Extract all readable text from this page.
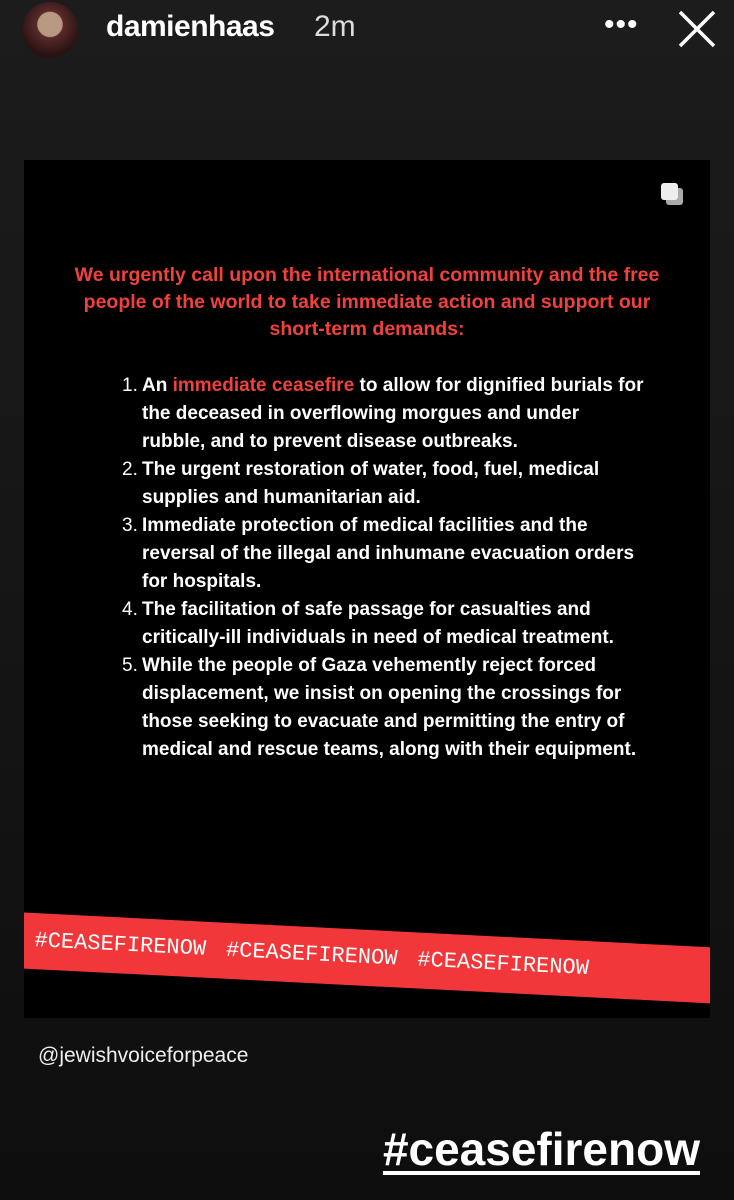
damienhaas 2m	•••
We urgently call upon the international community and the free people of the world to take immediate action and support our short-term demands:
1. An immediate ceasefire to allow for dignified burials for the deceased in overflowing morgues and under rubble, and to prevent disease outbreaks.
2. The urgent restoration of water, food, fuel, medical supplies and humanitarian aid.
3. Immediate protection of medical facilities and the reversal of the illegal and inhumane evacuation orders for hospitals.
4. The facilitation of safe passage for casualties and critically-ill individuals in need of medical treatment.
5. While the people of Gaza vehemently reject forced displacement, we insist on opening the crossings for those seeking to evacuate and permitting the entry of medical and rescue teams, along with their equipment.
#CEASEFIRENOW #CEASEFIRENOW #CEASEFIRENOW
@jewishvoiceforpeace
#ceasefirenow
